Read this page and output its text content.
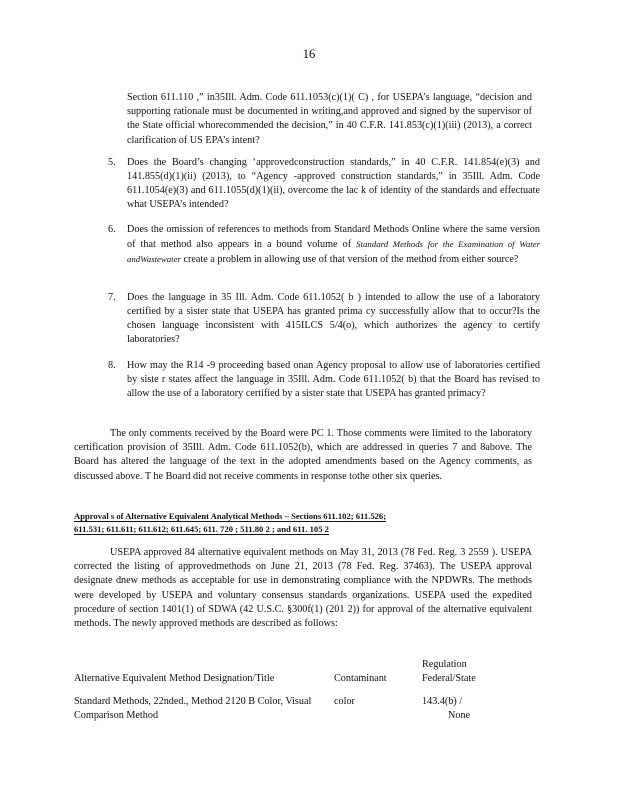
16

Section 611.110 ,” in35Ill. Adm. Code 611.1053(c)(1)( C) , for USEPA’s language, “decision and supporting rationale must be documented in writing,and approved and signed by the supervisor of the State official whorecommended the decision,” in 40 C.F.R. 141.853(c)(1)(iii) (2013), a correct clarification of US EPA’s intent?

5. Does the Board’s changing ‘approvedconstruction standards,” in 40 C.F.R. 141.854(e)(3) and 141.855(d)(1)(ii) (2013), to “Agency -approved construction standards,” in 35Ill. Adm. Code 611.1054(e)(3) and 611.1055(d)(1)(ii), overcome the lac k of identity of the standards and effectuate what USEPA’s intended?
6. Does the omission of references to methods from Standard Methods Online where the same version of that method also appears in a bound volume of Standard Methods for the Examination of Water andWastewater create a problem in allowing use of that version of the method from either source?
7. Does the language in 35 Ill. Adm. Code 611.1052( b ) intended to allow the use of a laboratory certified by a sister state that USEPA has granted prima cy successfully allow that to occur?Is the chosen language inconsistent with 415ILCS 5/4(o), which authorizes the agency to certify laboratories?
8. How may the R14 -9 proceeding based onan Agency proposal to allow use of laboratories certified by siste r states affect the language in 35Ill. Adm. Code 611.1052( b) that the Board has revised to allow the use of a laboratory certified by a sister state that USEPA has granted primacy?

The only comments received by the Board were PC 1. Those comments were limited to the laboratory certification provision of 35Ill. Adm. Code 611.1052(b), which are addressed in queries 7 and 8above. The Board has altered the language of the text in the adopted amendments based on the Agency comments, as discussed above. T he Board did not receive comments in response tothe other six queries.

Approval s of Alternative Equivalent Analytical Methods – Sections 611.102; 611.526;
611.531; 611.611; 611.612; 611.645; 611. 720 ; 511.80 2 ; and 611. 105 2

USEPA approved 84 alternative equivalent methods on May 31, 2013 (78 Fed. Reg. 3 2559 ). USEPA corrected the listing of approvedmethods on June 21, 2013 (78 Fed. Reg. 37463). The USEPA approval designate dnew methods as acceptable for use in demonstrating compliance with the NPDWRs. The methods were developed by USEPA and voluntary consensus standards organizations. USEPA used the expedited procedure of section 1401(1) of SDWA (42 U.S.C. §300f(1) (201 2)) for approval of the alternative equivalent methods. The newly approved methods are described as follows:

Alternative Equivalent Method Designation/Title	Contaminant	Regulation
Federal/State

Standard Methods, 22nded., Method 2120 B Color, Visual Comparison Method	color	143.4(b) /
None
